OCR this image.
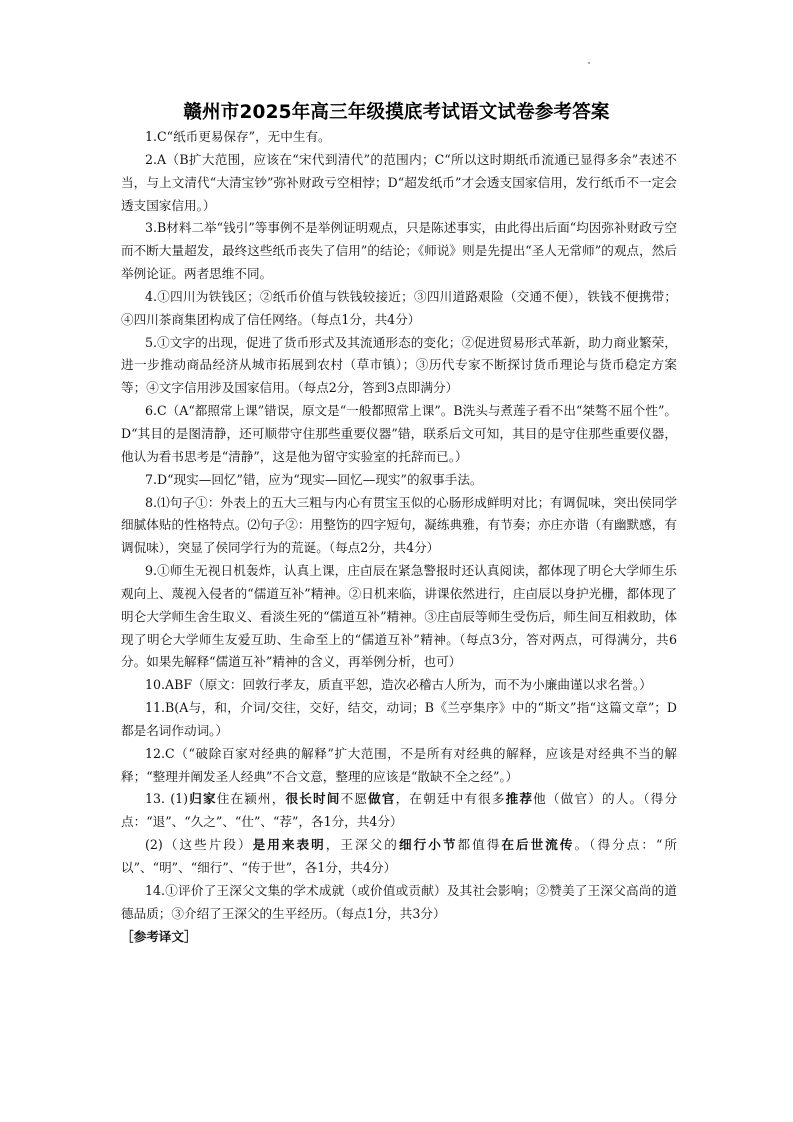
赣州市2025年高三年级摸底考试语文试卷参考答案

1.C“纸币更易保存”，无中生有。

2.A（B扩大范围，应该在“宋代到清代”的范围内；C“所以这时期纸币流通已显得多余”表述不当，与上文清代“大清宝钞”弥补财政亏空相悖；D“超发纸币”才会透支国家信用，发行纸币不一定会透支国家信用。）

3.B材料二举“钱引”等事例不是举例证明观点，只是陈述事实，由此得出后面“均因弥补财政亏空而不断大量超发，最终这些纸币丧失了信用”的结论；《师说》则是先提出“圣人无常师”的观点，然后举例论证。两者思维不同。

4.①四川为铁钱区；②纸币价值与铁钱较接近；③四川道路艰险（交通不便），铁钱不便携带；④四川茶商集团构成了信任网络。（每点1分，共4分）

5.①文字的出现，促进了货币形式及其流通形态的变化；②促进贸易形式革新，助力商业繁荣，进一步推动商品经济从城市拓展到农村（草市镇）；③历代专家不断探讨货币理论与货币稳定方案等；④文字信用涉及国家信用。（每点2分，答到3点即满分）

6.C（A“都照常上课”错误，原文是“一般都照常上课”。B洗头与煮莲子看不出“桀骜不屈个性”。D“其目的是图清静，还可顺带守住那些重要仪器”错，联系后文可知，其目的是守住那些重要仪器，他认为看书思考是“清静”，这是他为留守实验室的托辞而已。）

7.D“现实—回忆”错，应为“现实—回忆—现实”的叙事手法。

8.⑴句子①：外表上的五大三粗与内心有贯宝玉似的心肠形成鲜明对比；有调侃味，突出侯同学细腻体贴的性格特点。⑵句子②：用整饬的四字短句，凝练典雅，有节奏；亦庄亦谐（有幽默感，有调侃味），突显了侯同学行为的荒诞。（每点2分，共4分）

9.①师生无视日机轰炸，认真上课，庄卣辰在紧急警报时还认真阅读，都体现了明仑大学师生乐观向上、蔑视入侵者的“儒道互补”精神。②日机来临，讲课依然进行，庄卣辰以身护光栅，都体现了明仑大学师生舍生取义、看淡生死的“儒道互补”精神。③庄卣辰等师生受伤后，师生间互相救助，体现了明仑大学师生友爱互助、生命至上的“儒道互补”精神。（每点3分，答对两点，可得满分，共6分。如果先解释“儒道互补”精神的含义，再举例分析，也可）

10.ABF（原文：回敦行孝友，质直平恕，造次必稽古人所为，而不为小廉曲谨以求名誉。）

11.B(A与，和，介词/交往，交好，结交，动词；B《兰亭集序》中的“斯文”指“这篇文章”；D都是名词作动词。）

12.C（“破除百家对经典的解释”扩大范围，不是所有对经典的解释，应该是对经典不当的解释；“整理并阐发圣人经典”不合文意，整理的应该是“散缺不全之经”。）

13. (1)归家住在颍州，很长时间不愿做官，在朝廷中有很多推荐他（做官）的人。（得分点：“退”、“久之”、“仕”、“荐”，各1分，共4分）

(2)（这些片段）是用来表明，王深父的细行小节都值得在后世流传。（得分点：“所以”、“明”、“细行”、“传于世”，各1分，共4分）

14.①评价了王深父文集的学术成就（或价值或贡献）及其社会影响；②赞美了王深父高尚的道德品质；③介绍了王深父的生平经历。（每点1分，共3分）

［参考译文］
